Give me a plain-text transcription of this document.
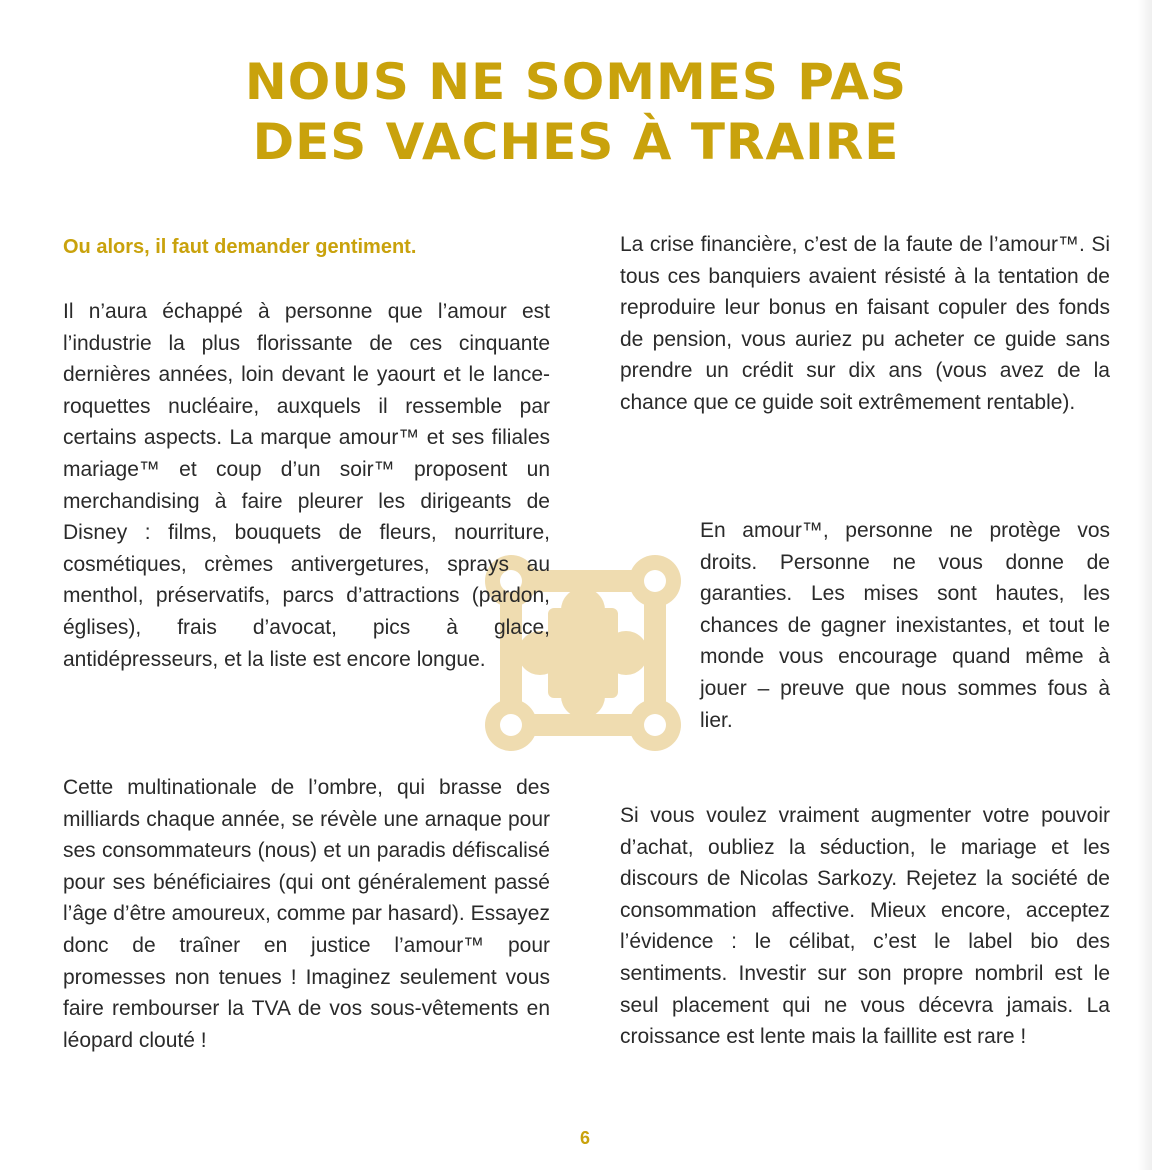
NOUS NE SOMMES PAS
DES VACHES À TRAIRE

Ou alors, il faut demander gentiment.

Il n’aura échappé à personne que l’amour est l’industrie la plus florissante de ces cinquante dernières années, loin devant le yaourt et le lance-roquettes nucléaire, auxquels il ressemble par certains aspects. La marque amour™ et ses filiales mariage™ et coup d’un soir™ proposent un merchandising à faire pleurer les dirigeants de Disney : films, bouquets de fleurs, nourriture, cosmétiques, crèmes antivergetures, sprays au menthol, préservatifs, parcs d’attractions (pardon, églises), frais d’avocat, pics à glace, antidépresseurs, et la liste est encore longue.

Cette multinationale de l’ombre, qui brasse des milliards chaque année, se révèle une arnaque pour ses consommateurs (nous) et un paradis défiscalisé pour ses bénéficiaires (qui ont généralement passé l’âge d’être amoureux, comme par hasard). Essayez donc de traîner en justice l’amour™ pour promesses non tenues ! Imaginez seulement vous faire rembourser la TVA de vos sous-vêtements en léopard clouté !

La crise financière, c’est de la faute de l’amour™. Si tous ces banquiers avaient résisté à la tentation de reproduire leur bonus en faisant copuler des fonds de pension, vous auriez pu acheter ce guide sans prendre un crédit sur dix ans (vous avez de la chance que ce guide soit extrêmement rentable).

En amour™, personne ne protège vos droits. Personne ne vous donne de garanties. Les mises sont hautes, les chances de gagner inexistantes, et tout le monde vous encourage quand même à jouer – preuve que nous sommes fous à lier.

Si vous voulez vraiment augmenter votre pouvoir d’achat, oubliez la séduction, le mariage et les discours de Nicolas Sarkozy. Rejetez la société de consommation affective. Mieux encore, acceptez l’évidence : le célibat, c’est le label bio des sentiments. Investir sur son propre nombril est le seul placement qui ne vous décevra jamais. La croissance est lente mais la faillite est rare !

6
